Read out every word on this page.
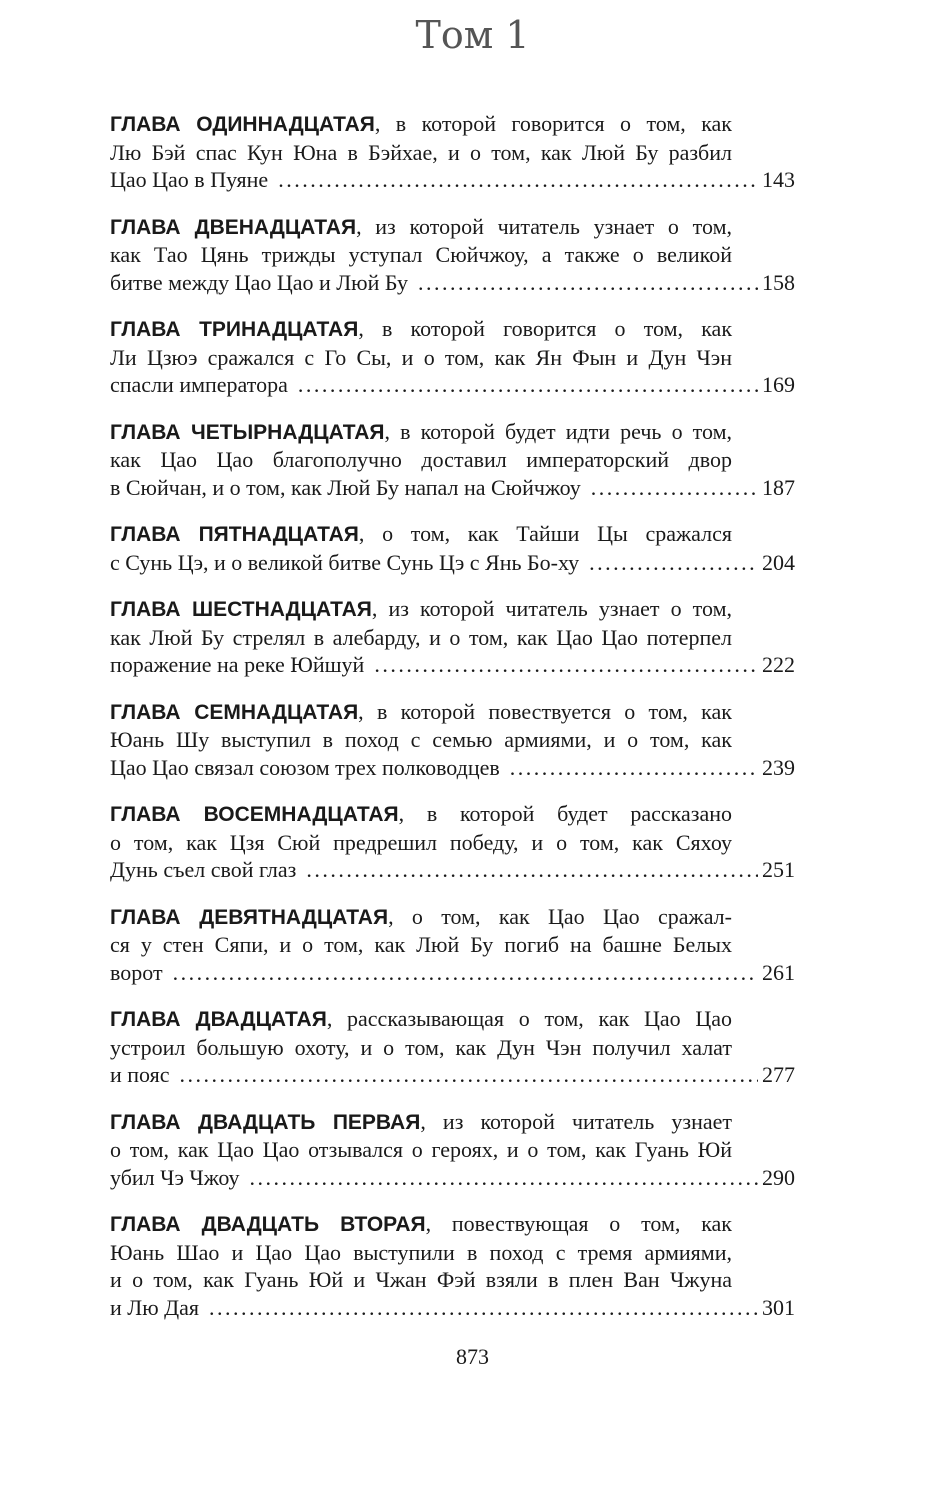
Том 1
ГЛАВА ОДИННАДЦАТАЯ, в которой говорится о том, как
Лю Бэй спас Кун Юна в Бэйхае, и о том, как Люй Бу разбил
Цао Цао в Пуяне . . .	143
ГЛАВА ДВЕНАДЦАТАЯ, из которой читатель узнает о том,
как Тао Цянь трижды уступал Сюйчжоу, а также о великой
битве между Цао Цао и Люй Бу . . .	158
ГЛАВА ТРИНАДЦАТАЯ, в которой говорится о том, как
Ли Цзюэ сражался с Го Сы, и о том, как Ян Фын и Дун Чэн
спасли императора . . .	169
ГЛАВА ЧЕТЫРНАДЦАТАЯ, в которой будет идти речь о том,
как Цао Цао благополучно доставил императорский двор
в Сюйчан, и о том, как Люй Бу напал на Сюйчжоу . . .	187
ГЛАВА ПЯТНАДЦАТАЯ, о том, как Тайши Цы сражался
с Сунь Цэ, и о великой битве Сунь Цэ с Янь Бо-ху . . .	204
ГЛАВА ШЕСТНАДЦАТАЯ, из которой читатель узнает о том,
как Люй Бу стрелял в алебарду, и о том, как Цао Цао потерпел
поражение на реке Юйшуй . . .	222
ГЛАВА СЕМНАДЦАТАЯ, в которой повествуется о том, как
Юань Шу выступил в поход с семью армиями, и о том, как
Цао Цао связал союзом трех полководцев . . .	239
ГЛАВА ВОСЕМНАДЦАТАЯ, в которой будет рассказано
о том, как Цзя Сюй предрешил победу, и о том, как Сяхоу
Дунь съел свой глаз . . .	251
ГЛАВА ДЕВЯТНАДЦАТАЯ, о том, как Цао Цао сражал-
ся у стен Сяпи, и о том, как Люй Бу погиб на башне Белых
ворот . . .	261
ГЛАВА ДВАДЦАТАЯ, рассказывающая о том, как Цао Цао
устроил большую охоту, и о том, как Дун Чэн получил халат
и пояс . . .	277
ГЛАВА ДВАДЦАТЬ ПЕРВАЯ, из которой читатель узнает
о том, как Цао Цао отзывался о героях, и о том, как Гуань Юй
убил Чэ Чжоу . . .	290
ГЛАВА ДВАДЦАТЬ ВТОРАЯ, повествующая о том, как
Юань Шао и Цао Цао выступили в поход с тремя армиями,
и о том, как Гуань Юй и Чжан Фэй взяли в плен Ван Чжуна
и Лю Дая . . .	301
873
